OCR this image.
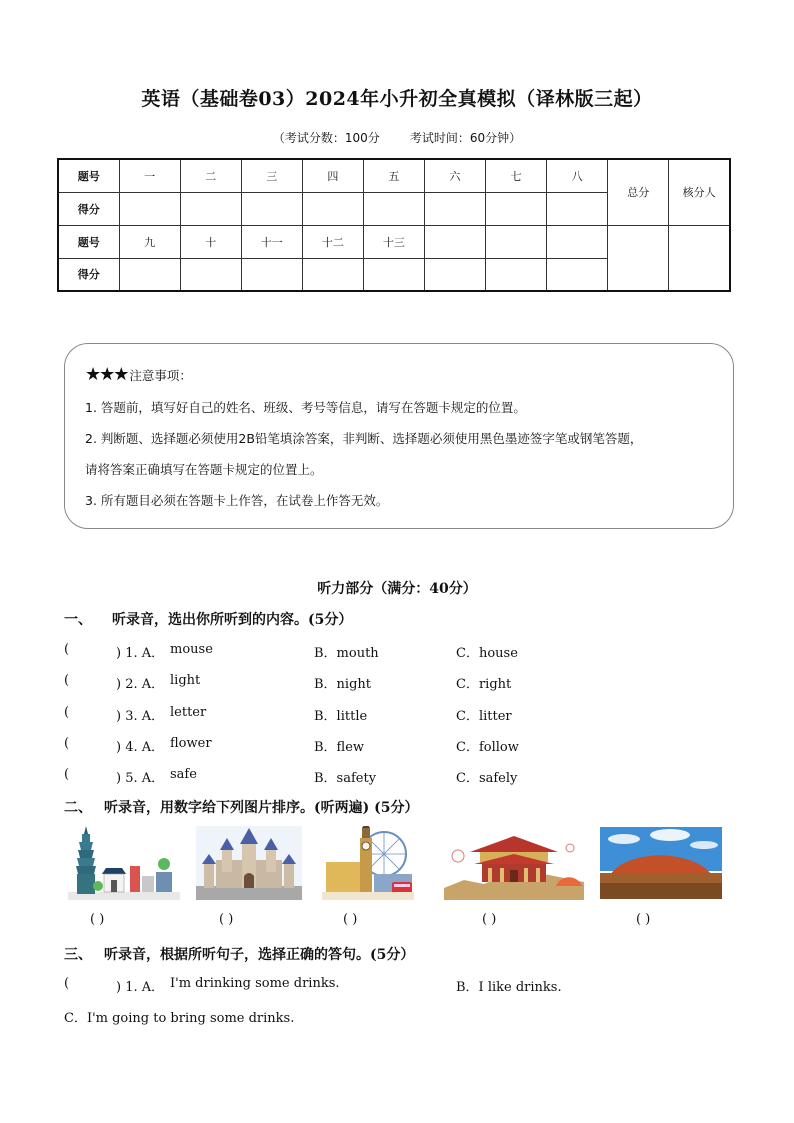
英语（基础卷03）2024年小升初全真模拟（译林版三起）
（考试分数：100分	考试时间：60分钟）
题号	一	二	三	四	五	六	七	八	总分	核分人
得分										
题号	九	十	十一	十二	十三					
得分										
★★★ 注意事项：
1. 答题前，填写好自己的姓名、班级、考号等信息，请写在答题卡规定的位置。
2. 判断题、选择题必须使用2B铅笔填涂答案，非判断、选择题必须使用黑色墨迹签字笔或钢笔答题，
请将答案正确填写在答题卡规定的位置上。
3. 所有题目必须在答题卡上作答，在试卷上作答无效。
听力部分（满分：40分）
一、 听录音，选出你所听到的内容。(5分）
(	) 1. A． mouse	B．mouth	C．house
(	) 2. A． light	B．night	C．right
(	) 3. A． letter	B．little	C．litter
(	) 4. A． flower	B．flew	C．follow
(	) 5. A． safe	B．safety	C．safely
二、 听录音，用数字给下列图片排序。(听两遍) (5分）
( )	( )	( )	( )	( )
三、 听录音，根据所听句子，选择正确的答句。(5分）
(	) 1. A． I'm drinking some drinks.	B．I like drinks.
C．I'm going to bring some drinks.
